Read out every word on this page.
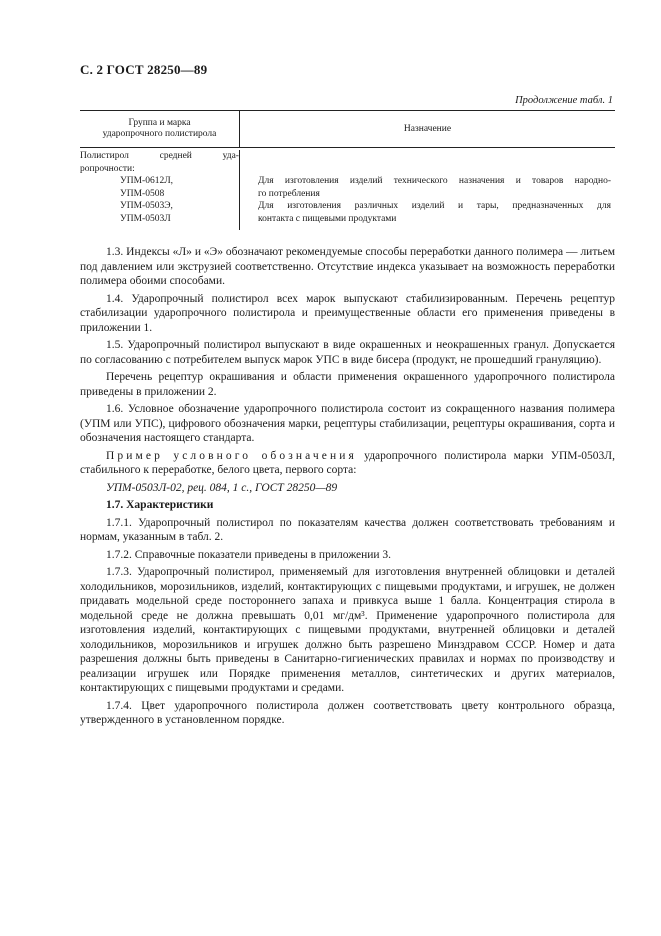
С. 2 ГОСТ 28250—89
Продолжение табл. 1
Группа и марка
ударопрочного полистирола
Назначение
Полистирол	средней	уда-
ропрочности:
УПМ-0612Л,
УПМ-0508
УПМ-0503Э,
УПМ-0503Л
Для изготовления изделий технического назначения и товаров народно-
го потребления
Для изготовления различных изделий и тары, предназначенных для
контакта с пищевыми продуктами

1.3. Индексы «Л» и «Э» обозначают рекомендуемые способы переработки данного полимера — литьем под давлением или экструзией соответственно. Отсутствие индекса указывает на возможность переработки полимера обоими способами.

1.4. Ударопрочный полистирол всех марок выпускают стабилизированным. Перечень рецептур стабилизации ударопрочного полистирола и преимущественные области его применения приведены в приложении 1.

1.5. Ударопрочный полистирол выпускают в виде окрашенных и неокрашенных гранул. Допускается по согласованию с потребителем выпуск марок УПС в виде бисера (продукт, не прошедший грануляцию).

Перечень рецептур окрашивания и области применения окрашенного ударопрочного полистирола приведены в приложении 2.

1.6. Условное обозначение ударопрочного полистирола состоит из сокращенного названия полимера (УПМ или УПС), цифрового обозначения марки, рецептуры стабилизации, рецептуры окрашивания, сорта и обозначения настоящего стандарта.

Пример условного обозначения ударопрочного полистирола марки УПМ-0503Л, стабильного к переработке, белого цвета, первого сорта:

УПМ-0503Л-02, рец. 084, 1 с., ГОСТ 28250—89

1.7. Характеристики

1.7.1. Ударопрочный полистирол по показателям качества должен соответствовать требованиям и нормам, указанным в табл. 2.

1.7.2. Справочные показатели приведены в приложении 3.

1.7.3. Ударопрочный полистирол, применяемый для изготовления внутренней облицовки и деталей холодильников, морозильников, изделий, контактирующих с пищевыми продуктами, и игрушек, не должен придавать модельной среде постороннего запаха и привкуса выше 1 балла. Концентрация стирола в модельной среде не должна превышать 0,01 мг/дм³. Применение ударопрочного полистирола для изготовления изделий, контактирующих с пищевыми продуктами, внутренней облицовки и деталей холодильников, морозильников и игрушек должно быть разрешено Минздравом СССР. Номер и дата разрешения должны быть приведены в Санитарно-гигиенических правилах и нормах по производству и реализации игрушек или Порядке применения металлов, синтетических и других материалов, контактирующих с пищевыми продуктами и средами.

1.7.4. Цвет ударопрочного полистирола должен соответствовать цвету контрольного образца, утвержденного в установленном порядке.
